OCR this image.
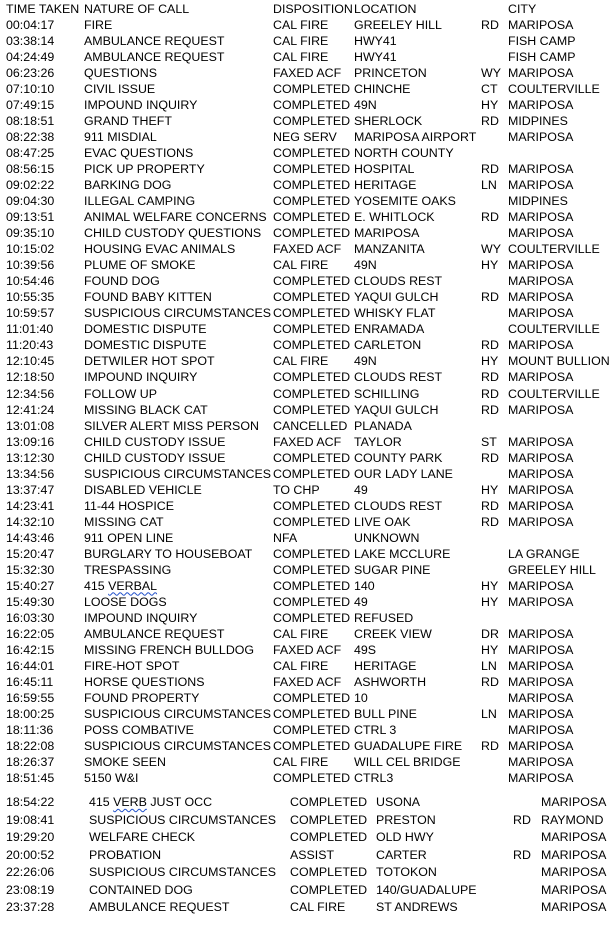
TIME TAKEN NATURE OF CALL	DISPOSITION LOCATION	CITY
00:04:17 FIRE	CAL FIRE GREELEY HILL	RD MARIPOSA
03:38:14 AMBULANCE REQUEST	CAL FIRE HWY41	FISH CAMP
04:24:49 AMBULANCE REQUEST	CAL FIRE HWY41	FISH CAMP
06:23:26 QUESTIONS	FAXED ACF PRINCETON	WY MARIPOSA
07:10:10 CIVIL ISSUE	COMPLETED CHINCHE	CT COULTERVILLE
07:49:15 IMPOUND INQUIRY	COMPLETED 49N	HY MARIPOSA
08:18:51 GRAND THEFT	COMPLETED SHERLOCK	RD MIDPINES
08:22:38 911 MISDIAL	NEG SERV MARIPOSA AIRPORT	MARIPOSA
08:47:25 EVAC QUESTIONS	COMPLETED NORTH COUNTY
08:56:15 PICK UP PROPERTY	COMPLETED HOSPITAL	RD MARIPOSA
09:02:22 BARKING DOG	COMPLETED HERITAGE	LN MARIPOSA
09:04:30 ILLEGAL CAMPING	COMPLETED YOSEMITE OAKS	MIDPINES
09:13:51 ANIMAL WELFARE CONCERNS COMPLETED E. WHITLOCK	RD MARIPOSA
09:35:10 CHILD CUSTODY QUESTIONS COMPLETED MARIPOSA	MARIPOSA
10:15:02 HOUSING EVAC ANIMALS	FAXED ACF MANZANITA	WY COULTERVILLE
10:39:56 PLUME OF SMOKE	CAL FIRE 49N	HY MARIPOSA
10:54:46 FOUND DOG	COMPLETED CLOUDS REST	MARIPOSA
10:55:35 FOUND BABY KITTEN	COMPLETED YAQUI GULCH	RD MARIPOSA
10:59:57 SUSPICIOUS CIRCUMSTANCES COMPLETED WHISKY FLAT	MARIPOSA
11:01:40 DOMESTIC DISPUTE	COMPLETED ENRAMADA	COULTERVILLE
11:20:43 DOMESTIC DISPUTE	COMPLETED CARLETON	RD MARIPOSA
12:10:45 DETWILER HOT SPOT	CAL FIRE 49N	HY MOUNT BULLION
12:18:50 IMPOUND INQUIRY	COMPLETED CLOUDS REST	RD MARIPOSA
12:34:56 FOLLOW UP	COMPLETED SCHILLING	RD COULTERVILLE
12:41:24 MISSING BLACK CAT	COMPLETED YAQUI GULCH	RD MARIPOSA
13:01:08 SILVER ALERT MISS PERSON CANCELLED PLANADA
13:09:16 CHILD CUSTODY ISSUE	FAXED ACF TAYLOR	ST MARIPOSA
13:12:30 CHILD CUSTODY ISSUE	COMPLETED COUNTY PARK	RD MARIPOSA
13:34:56 SUSPICIOUS CIRCUMSTANCES COMPLETED OUR LADY LANE	MARIPOSA
13:37:47 DISABLED VEHICLE	TO CHP	49	HY MARIPOSA
14:23:41 11-44 HOSPICE	COMPLETED CLOUDS REST	RD MARIPOSA
14:32:10 MISSING CAT	COMPLETED LIVE OAK	RD MARIPOSA
14:43:46 911 OPEN LINE	NFA	UNKNOWN
15:20:47 BURGLARY TO HOUSEBOAT COMPLETED LAKE MCCLURE	LA GRANGE
15:32:30 TRESPASSING	COMPLETED SUGAR PINE	GREELEY HILL
15:40:27 415 VERBAL	COMPLETED 140	HY MARIPOSA
15:49:30 LOOSE DOGS	COMPLETED 49	HY MARIPOSA
16:03:30 IMPOUND INQUIRY	COMPLETED REFUSED
16:22:05 AMBULANCE REQUEST	CAL FIRE CREEK VIEW	DR MARIPOSA
16:42:15 MISSING FRENCH BULLDOG FAXED ACF 49S	HY MARIPOSA
16:44:01 FIRE-HOT SPOT	CAL FIRE HERITAGE	LN MARIPOSA
16:45:11 HORSE QUESTIONS	FAXED ACF ASHWORTH	RD MARIPOSA
16:59:55 FOUND PROPERTY	COMPLETED 10	MARIPOSA
18:00:25 SUSPICIOUS CIRCUMSTANCES COMPLETED BULL PINE	LN MARIPOSA
18:11:36 POSS COMBATIVE	COMPLETED CTRL 3	MARIPOSA
18:22:08 SUSPICIOUS CIRCUMSTANCES COMPLETED GUADALUPE FIRE RD MARIPOSA
18:26:37 SMOKE SEEN	CAL FIRE WILL CEL BRIDGE	MARIPOSA
18:51:45 5150 W&I	COMPLETED CTRL3	MARIPOSA
18:54:22	415 VERB JUST OCC	COMPLETED USONA	MARIPOSA
19:08:41	SUSPICIOUS CIRCUMSTANCES COMPLETED PRESTON	RD RAYMOND
19:29:20	WELFARE CHECK	COMPLETED OLD HWY	MARIPOSA
20:00:52	PROBATION	ASSIST	CARTER	RD MARIPOSA
22:26:06	SUSPICIOUS CIRCUMSTANCES COMPLETED TOTOKON	MARIPOSA
23:08:19	CONTAINED DOG	COMPLETED 140/GUADALUPE	MARIPOSA
23:37:28	AMBULANCE REQUEST	CAL FIRE ST ANDREWS	MARIPOSA
